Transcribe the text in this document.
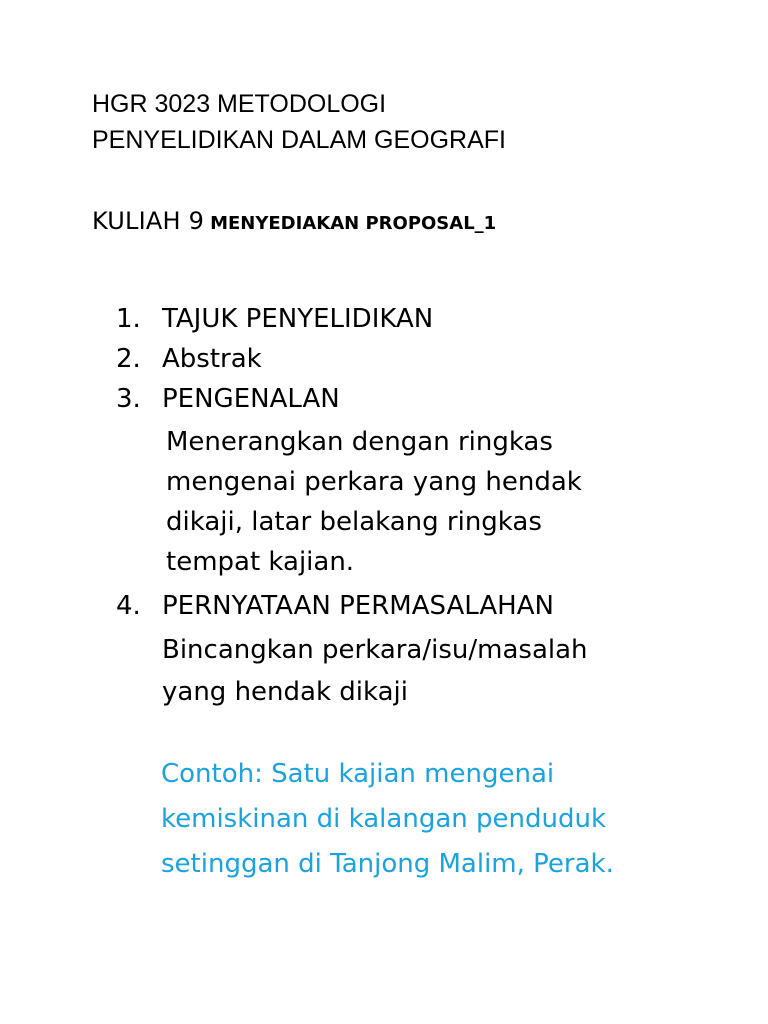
HGR 3023 METODOLOGI
PENYELIDIKAN DALAM GEOGRAFI
KULIAH 9 MENYEDIAKAN PROPOSAL_1
1. TAJUK PENYELIDIKAN
2. Abstrak
3. PENGENALAN
Menerangkan dengan ringkas
mengenai perkara yang hendak
dikaji, latar belakang ringkas
tempat kajian.
4. PERNYATAAN PERMASALAHAN
Bincangkan perkara/isu/masalah
yang hendak dikaji
Contoh: Satu kajian mengenai
kemiskinan di kalangan penduduk
setinggan di Tanjong Malim, Perak.
